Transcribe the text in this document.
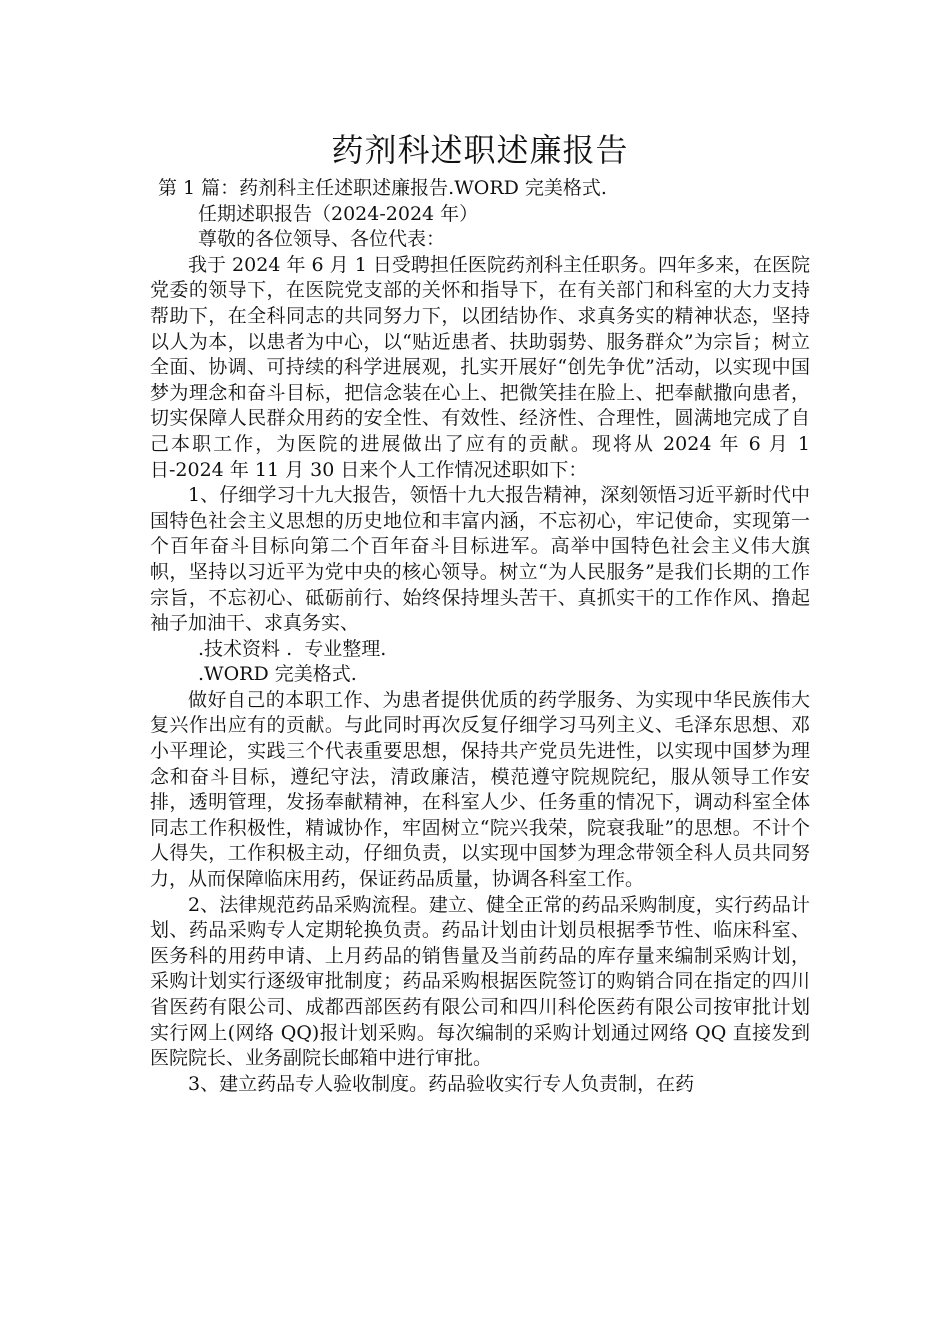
药剂科述职述廉报告

第 1 篇：药剂科主任述职述廉报告.WORD 完美格式.

任期述职报告（2024-2024 年）

尊敬的各位领导、各位代表：

我于 2024 年 6 月 1 日受聘担任医院药剂科主任职务。四年多来，在医院党委的领导下，在医院党支部的关怀和指导下，在有关部门和科室的大力支持帮助下，在全科同志的共同努力下，以团结协作、求真务实的精神状态，坚持以人为本，以患者为中心，以“贴近患者、扶助弱势、服务群众”为宗旨；树立全面、协调、可持续的科学进展观，扎实开展好“创先争优”活动，以实现中国梦为理念和奋斗目标，把信念装在心上、把微笑挂在脸上、把奉献撒向患者，切实保障人民群众用药的安全性、有效性、经济性、合理性，圆满地完成了自己本职工作，为医院的进展做出了应有的贡献。现将从 2024 年 6 月 1 日-2024 年 11 月 30 日来个人工作情况述职如下：

1、仔细学习十九大报告，领悟十九大报告精神，深刻领悟习近平新时代中国特色社会主义思想的历史地位和丰富内涵，不忘初心，牢记使命，实现第一个百年奋斗目标向第二个百年奋斗目标进军。高举中国特色社会主义伟大旗帜，坚持以习近平为党中央的核心领导。树立“为人民服务”是我们长期的工作宗旨，不忘初心、砥砺前行、始终保持埋头苦干、真抓实干的工作作风、撸起袖子加油干、求真务实、

.技术资料 .  专业整理.

.WORD 完美格式.

做好自己的本职工作、为患者提供优质的药学服务、为实现中华民族伟大复兴作出应有的贡献。与此同时再次反复仔细学习马列主义、毛泽东思想、邓小平理论，实践三个代表重要思想，保持共产党员先进性，以实现中国梦为理念和奋斗目标，遵纪守法，清政廉洁，模范遵守院规院纪，服从领导工作安排，透明管理，发扬奉献精神，在科室人少、任务重的情况下，调动科室全体同志工作积极性，精诚协作，牢固树立“院兴我荣，院衰我耻”的思想。不计个人得失，工作积极主动，仔细负责，以实现中国梦为理念带领全科人员共同努力，从而保障临床用药，保证药品质量，协调各科室工作。

2、法律规范药品采购流程。建立、健全正常的药品采购制度，实行药品计划、药品采购专人定期轮换负责。药品计划由计划员根据季节性、临床科室、医务科的用药申请、上月药品的销售量及当前药品的库存量来编制采购计划，采购计划实行逐级审批制度；药品采购根据医院签订的购销合同在指定的四川省医药有限公司、成都西部医药有限公司和四川科伦医药有限公司按审批计划实行网上(网络 QQ)报计划采购。每次编制的采购计划通过网络 QQ 直接发到医院院长、业务副院长邮箱中进行审批。

3、建立药品专人验收制度。药品验收实行专人负责制，在药
